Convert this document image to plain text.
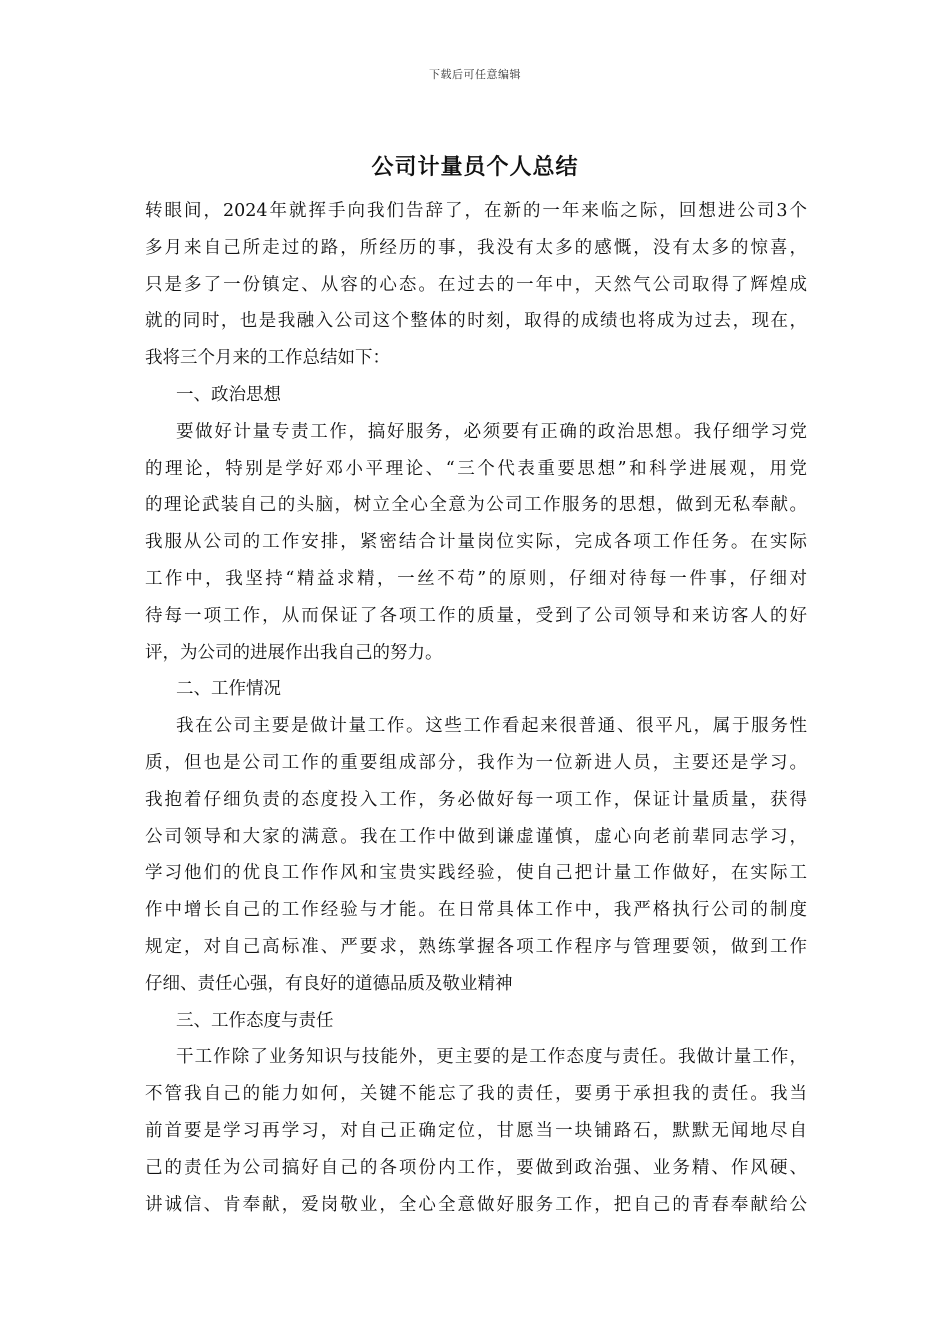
下载后可任意编辑
公司计量员个人总结
转眼间，2024年就挥手向我们告辞了，在新的一年来临之际，回想进公司3个
多月来自己所走过的路，所经历的事，我没有太多的感慨，没有太多的惊喜，
只是多了一份镇定、从容的心态。在过去的一年中，天然气公司取得了辉煌成
就的同时，也是我融入公司这个整体的时刻，取得的成绩也将成为过去，现在，
我将三个月来的工作总结如下：
一、政治思想
要做好计量专责工作，搞好服务，必须要有正确的政治思想。我仔细学习党
的理论，特别是学好邓小平理论、“三个代表重要思想”和科学进展观，用党
的理论武装自己的头脑，树立全心全意为公司工作服务的思想，做到无私奉献。
我服从公司的工作安排，紧密结合计量岗位实际，完成各项工作任务。在实际
工作中，我坚持“精益求精，一丝不苟”的原则，仔细对待每一件事，仔细对
待每一项工作，从而保证了各项工作的质量，受到了公司领导和来访客人的好
评，为公司的进展作出我自己的努力。
二、工作情况
我在公司主要是做计量工作。这些工作看起来很普通、很平凡，属于服务性
质，但也是公司工作的重要组成部分，我作为一位新进人员，主要还是学习。
我抱着仔细负责的态度投入工作，务必做好每一项工作，保证计量质量，获得
公司领导和大家的满意。我在工作中做到谦虚谨慎，虚心向老前辈同志学习，
学习他们的优良工作作风和宝贵实践经验，使自己把计量工作做好，在实际工
作中增长自己的工作经验与才能。在日常具体工作中，我严格执行公司的制度
规定，对自己高标准、严要求，熟练掌握各项工作程序与管理要领，做到工作
仔细、责任心强，有良好的道德品质及敬业精神
三、工作态度与责任
干工作除了业务知识与技能外，更主要的是工作态度与责任。我做计量工作，
不管我自己的能力如何，关键不能忘了我的责任，要勇于承担我的责任。我当
前首要是学习再学习，对自己正确定位，甘愿当一块铺路石，默默无闻地尽自
己的责任为公司搞好自己的各项份内工作，要做到政治强、业务精、作风硬、
讲诚信、肯奉献，爱岗敬业，全心全意做好服务工作，把自己的青春奉献给公
